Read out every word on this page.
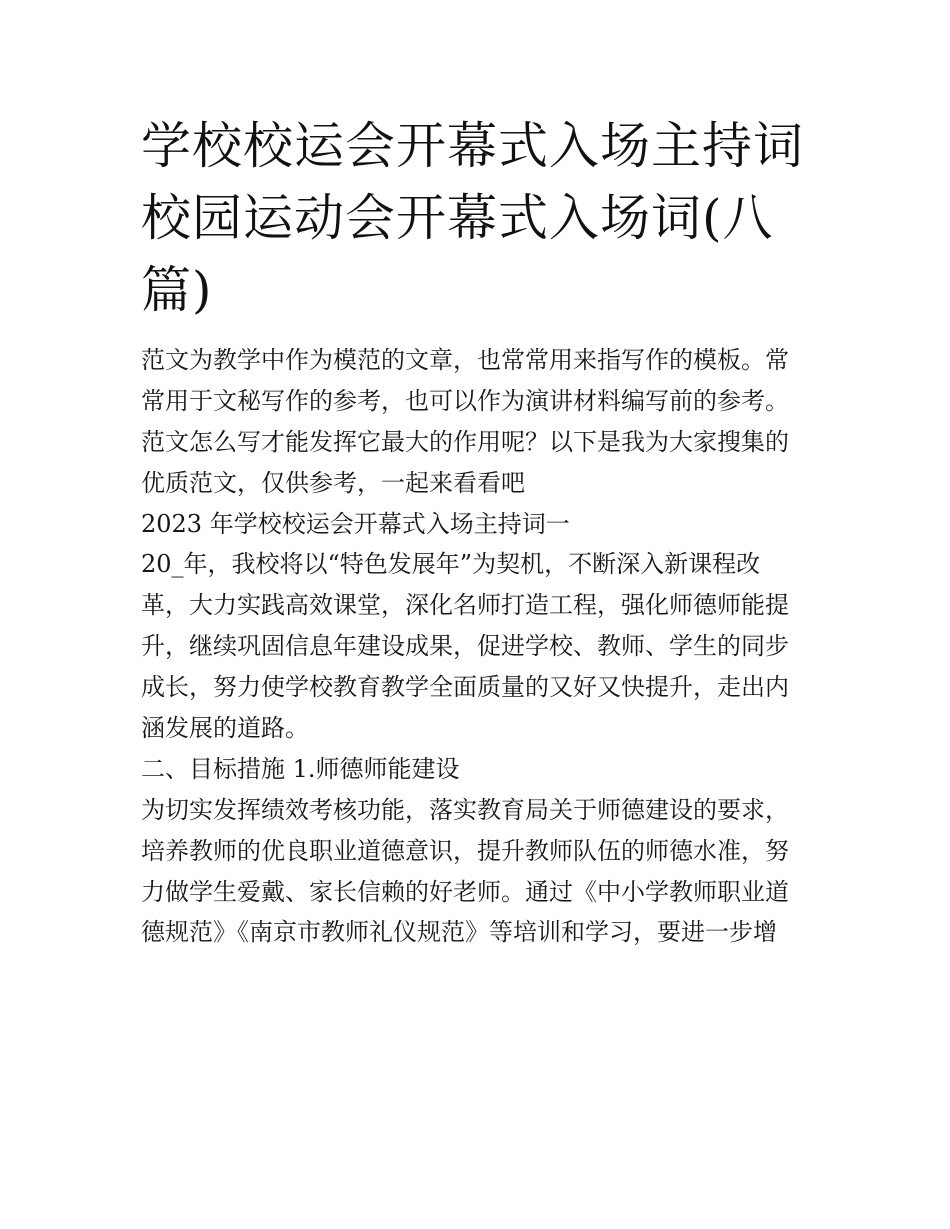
学校校运会开幕式入场主持词
校园运动会开幕式入场词(八
篇)
范文为教学中作为模范的文章，也常常用来指写作的模板。常
常用于文秘写作的参考，也可以作为演讲材料编写前的参考。
范文怎么写才能发挥它最大的作用呢？以下是我为大家搜集的
优质范文，仅供参考，一起来看看吧
2023 年学校校运会开幕式入场主持词一
20_年，我校将以“特色发展年”为契机，不断深入新课程改
革，大力实践高效课堂，深化名师打造工程，强化师德师能提
升，继续巩固信息年建设成果，促进学校、教师、学生的同步
成长，努力使学校教育教学全面质量的又好又快提升，走出内
涵发展的道路。
二、目标措施 1.师德师能建设
为切实发挥绩效考核功能，落实教育局关于师德建设的要求，
培养教师的优良职业道德意识，提升教师队伍的师德水准，努
力做学生爱戴、家长信赖的好老师。通过《中小学教师职业道
德规范》《南京市教师礼仪规范》等培训和学习，要进一步增
